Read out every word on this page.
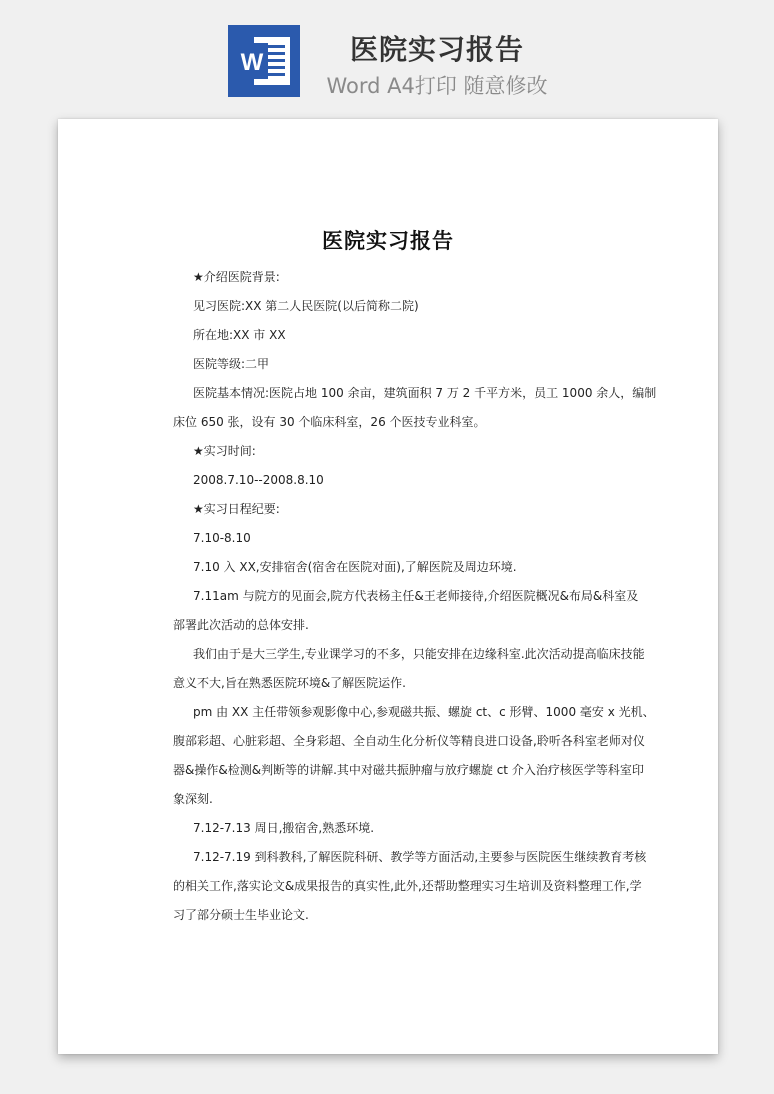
W	医院实习报告
Word A4打印 随意修改
医院实习报告

★介绍医院背景:

见习医院:XX 第二人民医院(以后简称二院)

所在地:XX 市 XX

医院等级:二甲

医院基本情况:医院占地 100 余亩，建筑面积 7 万 2 千平方米，员工 1000 余人，编制
床位 650 张，设有 30 个临床科室，26 个医技专业科室。

★实习时间:

2008.7.10--2008.8.10

★实习日程纪要:

7.10-8.10

7.10 入 XX,安排宿舍(宿舍在医院对面),了解医院及周边环境.

7.11am 与院方的见面会,院方代表杨主任&王老师接待,介绍医院概况&布局&科室及
部署此次活动的总体安排.
我们由于是大三学生,专业课学习的不多，只能安排在边缘科室.此次活动提高临床技能
意义不大,旨在熟悉医院环境&了解医院运作.
pm 由 XX 主任带领参观影像中心,参观磁共振、螺旋 ct、c 形臂、1000 毫安 x 光机、
腹部彩超、心脏彩超、全身彩超、全自动生化分析仪等精良进口设备,聆听各科室老师对仪
器&操作&检测&判断等的讲解.其中对磁共振肿瘤与放疗螺旋 ct 介入治疗核医学等科室印
象深刻.

7.12-7.13 周日,搬宿舍,熟悉环境.

7.12-7.19 到科教科,了解医院科研、教学等方面活动,主要参与医院医生继续教育考核
的相关工作,落实论文&成果报告的真实性,此外,还帮助整理实习生培训及资料整理工作,学
习了部分硕士生毕业论文.
